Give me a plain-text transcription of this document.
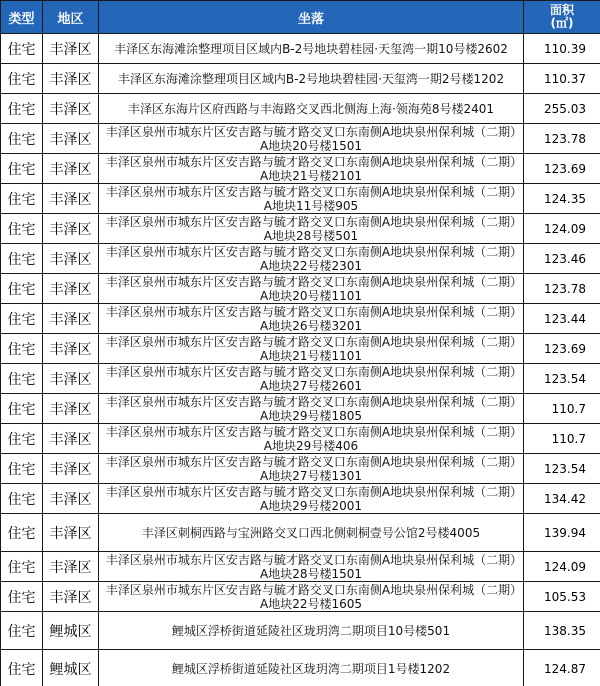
类型	地区	坐落	面积
(㎡)
住宅	丰泽区	丰泽区东海滩涂整理项目区域内B-2号地块碧桂园·天玺湾一期10号楼2602	110.39
住宅	丰泽区	丰泽区东海滩涂整理项目区域内B-2号地块碧桂园·天玺湾一期2号楼1202	110.37
住宅	丰泽区	丰泽区东海片区府西路与丰海路交叉西北侧海上海·领海苑8号楼2401	255.03
住宅	丰泽区	丰泽区泉州市城东片区安吉路与毓才路交叉口东南侧A地块泉州保利城（二期）A地块20号楼1501	123.78
住宅	丰泽区	丰泽区泉州市城东片区安吉路与毓才路交叉口东南侧A地块泉州保利城（二期）A地块21号楼2101	123.69
住宅	丰泽区	丰泽区泉州市城东片区安吉路与毓才路交叉口东南侧A地块泉州保利城（二期）A地块11号楼905	124.35
住宅	丰泽区	丰泽区泉州市城东片区安吉路与毓才路交叉口东南侧A地块泉州保利城（二期）A地块28号楼501	124.09
住宅	丰泽区	丰泽区泉州市城东片区安吉路与毓才路交叉口东南侧A地块泉州保利城（二期）A地块22号楼2301	123.46
住宅	丰泽区	丰泽区泉州市城东片区安吉路与毓才路交叉口东南侧A地块泉州保利城（二期）A地块20号楼1101	123.78
住宅	丰泽区	丰泽区泉州市城东片区安吉路与毓才路交叉口东南侧A地块泉州保利城（二期）A地块26号楼3201	123.44
住宅	丰泽区	丰泽区泉州市城东片区安吉路与毓才路交叉口东南侧A地块泉州保利城（二期）A地块21号楼1101	123.69
住宅	丰泽区	丰泽区泉州市城东片区安吉路与毓才路交叉口东南侧A地块泉州保利城（二期）A地块27号楼2601	123.54
住宅	丰泽区	丰泽区泉州市城东片区安吉路与毓才路交叉口东南侧A地块泉州保利城（二期）A地块29号楼1805	110.7
住宅	丰泽区	丰泽区泉州市城东片区安吉路与毓才路交叉口东南侧A地块泉州保利城（二期）A地块29号楼406	110.7
住宅	丰泽区	丰泽区泉州市城东片区安吉路与毓才路交叉口东南侧A地块泉州保利城（二期）A地块27号楼1301	123.54
住宅	丰泽区	丰泽区泉州市城东片区安吉路与毓才路交叉口东南侧A地块泉州保利城（二期）A地块29号楼2001	134.42
住宅	丰泽区	丰泽区刺桐西路与宝洲路交叉口西北侧刺桐壹号公馆2号楼4005	139.94
住宅	丰泽区	丰泽区泉州市城东片区安吉路与毓才路交叉口东南侧A地块泉州保利城（二期）A地块28号楼1501	124.09
住宅	丰泽区	丰泽区泉州市城东片区安吉路与毓才路交叉口东南侧A地块泉州保利城（二期）A地块22号楼1605	105.53
住宅	鲤城区	鲤城区浮桥街道延陵社区珑玥湾二期项目10号楼501	138.35
住宅	鲤城区	鲤城区浮桥街道延陵社区珑玥湾二期项目1号楼1202	124.87
